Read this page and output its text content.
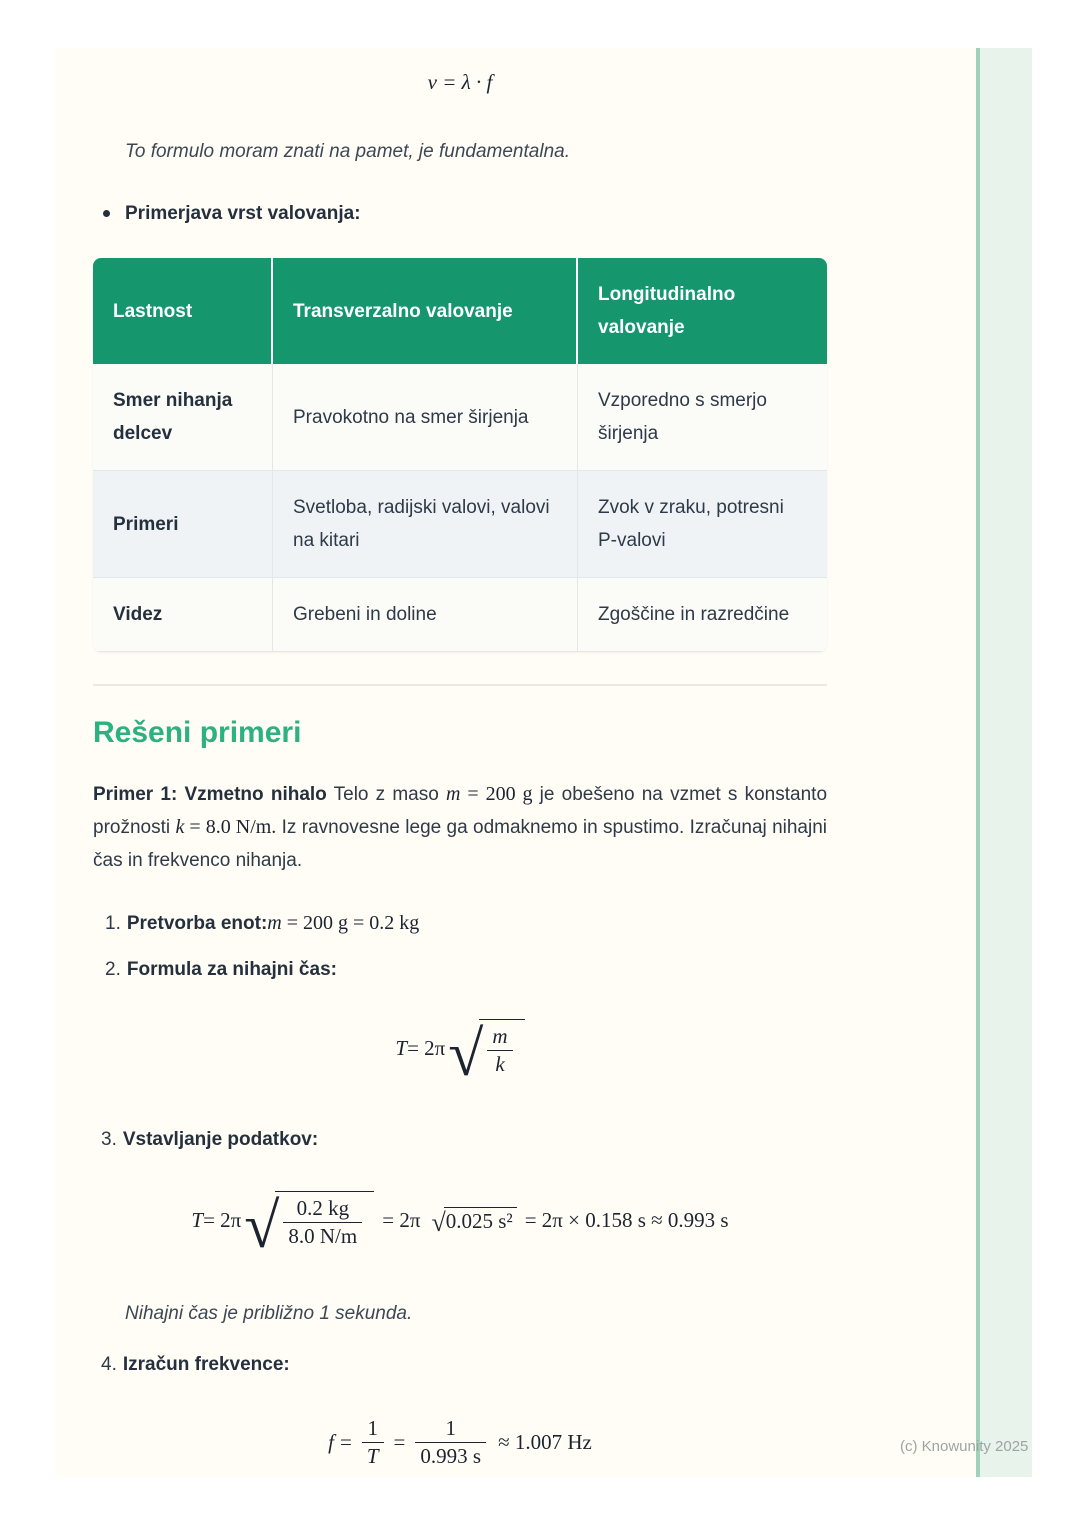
v = λ · f
To formulo moram znati na pamet, je fundamentalna.
Primerjava vrst valovanja:
Lastnost	Transverzalno valovanje	Longitudinalno valovanje
Smer nihanja delcev	Pravokotno na smer širjenja	Vzporedno s smerjo širjenja
Primeri	Svetloba, radijski valovi, valovi na kitari	Zvok v zraku, potresni P-valovi
Videz	Grebeni in doline	Zgoščine in razredčine
Rešeni primeri

Primer 1: Vzmetno nihalo Telo z maso m = 200 g je obešeno na vzmet s konstanto prožnosti k = 8.0 N/m. Iz ravnovesne lege ga odmaknemo in spustimo. Izračunaj nihajni čas in frekvenco nihanja.

1. Pretvorba enot:m = 200 g = 0.2 kg
2. Formula za nihajni čas:
T = 2π √ $\frac{m}{k}$
3. Vstavljanje podatkov:
T = 2π √ $\frac{0.2 kg}{8.0 N/m} = 2\pi$ √ 0.025 s² = 2π × 0.158 s ≈ 0.993 s
Nihajni čas je približno 1 sekunda.
4. Izračun frekvence:
$f = \frac{1}{T} = \frac{1}{0.993 s} \approx 1.007$ Hz	(c) Knowunity 2025
